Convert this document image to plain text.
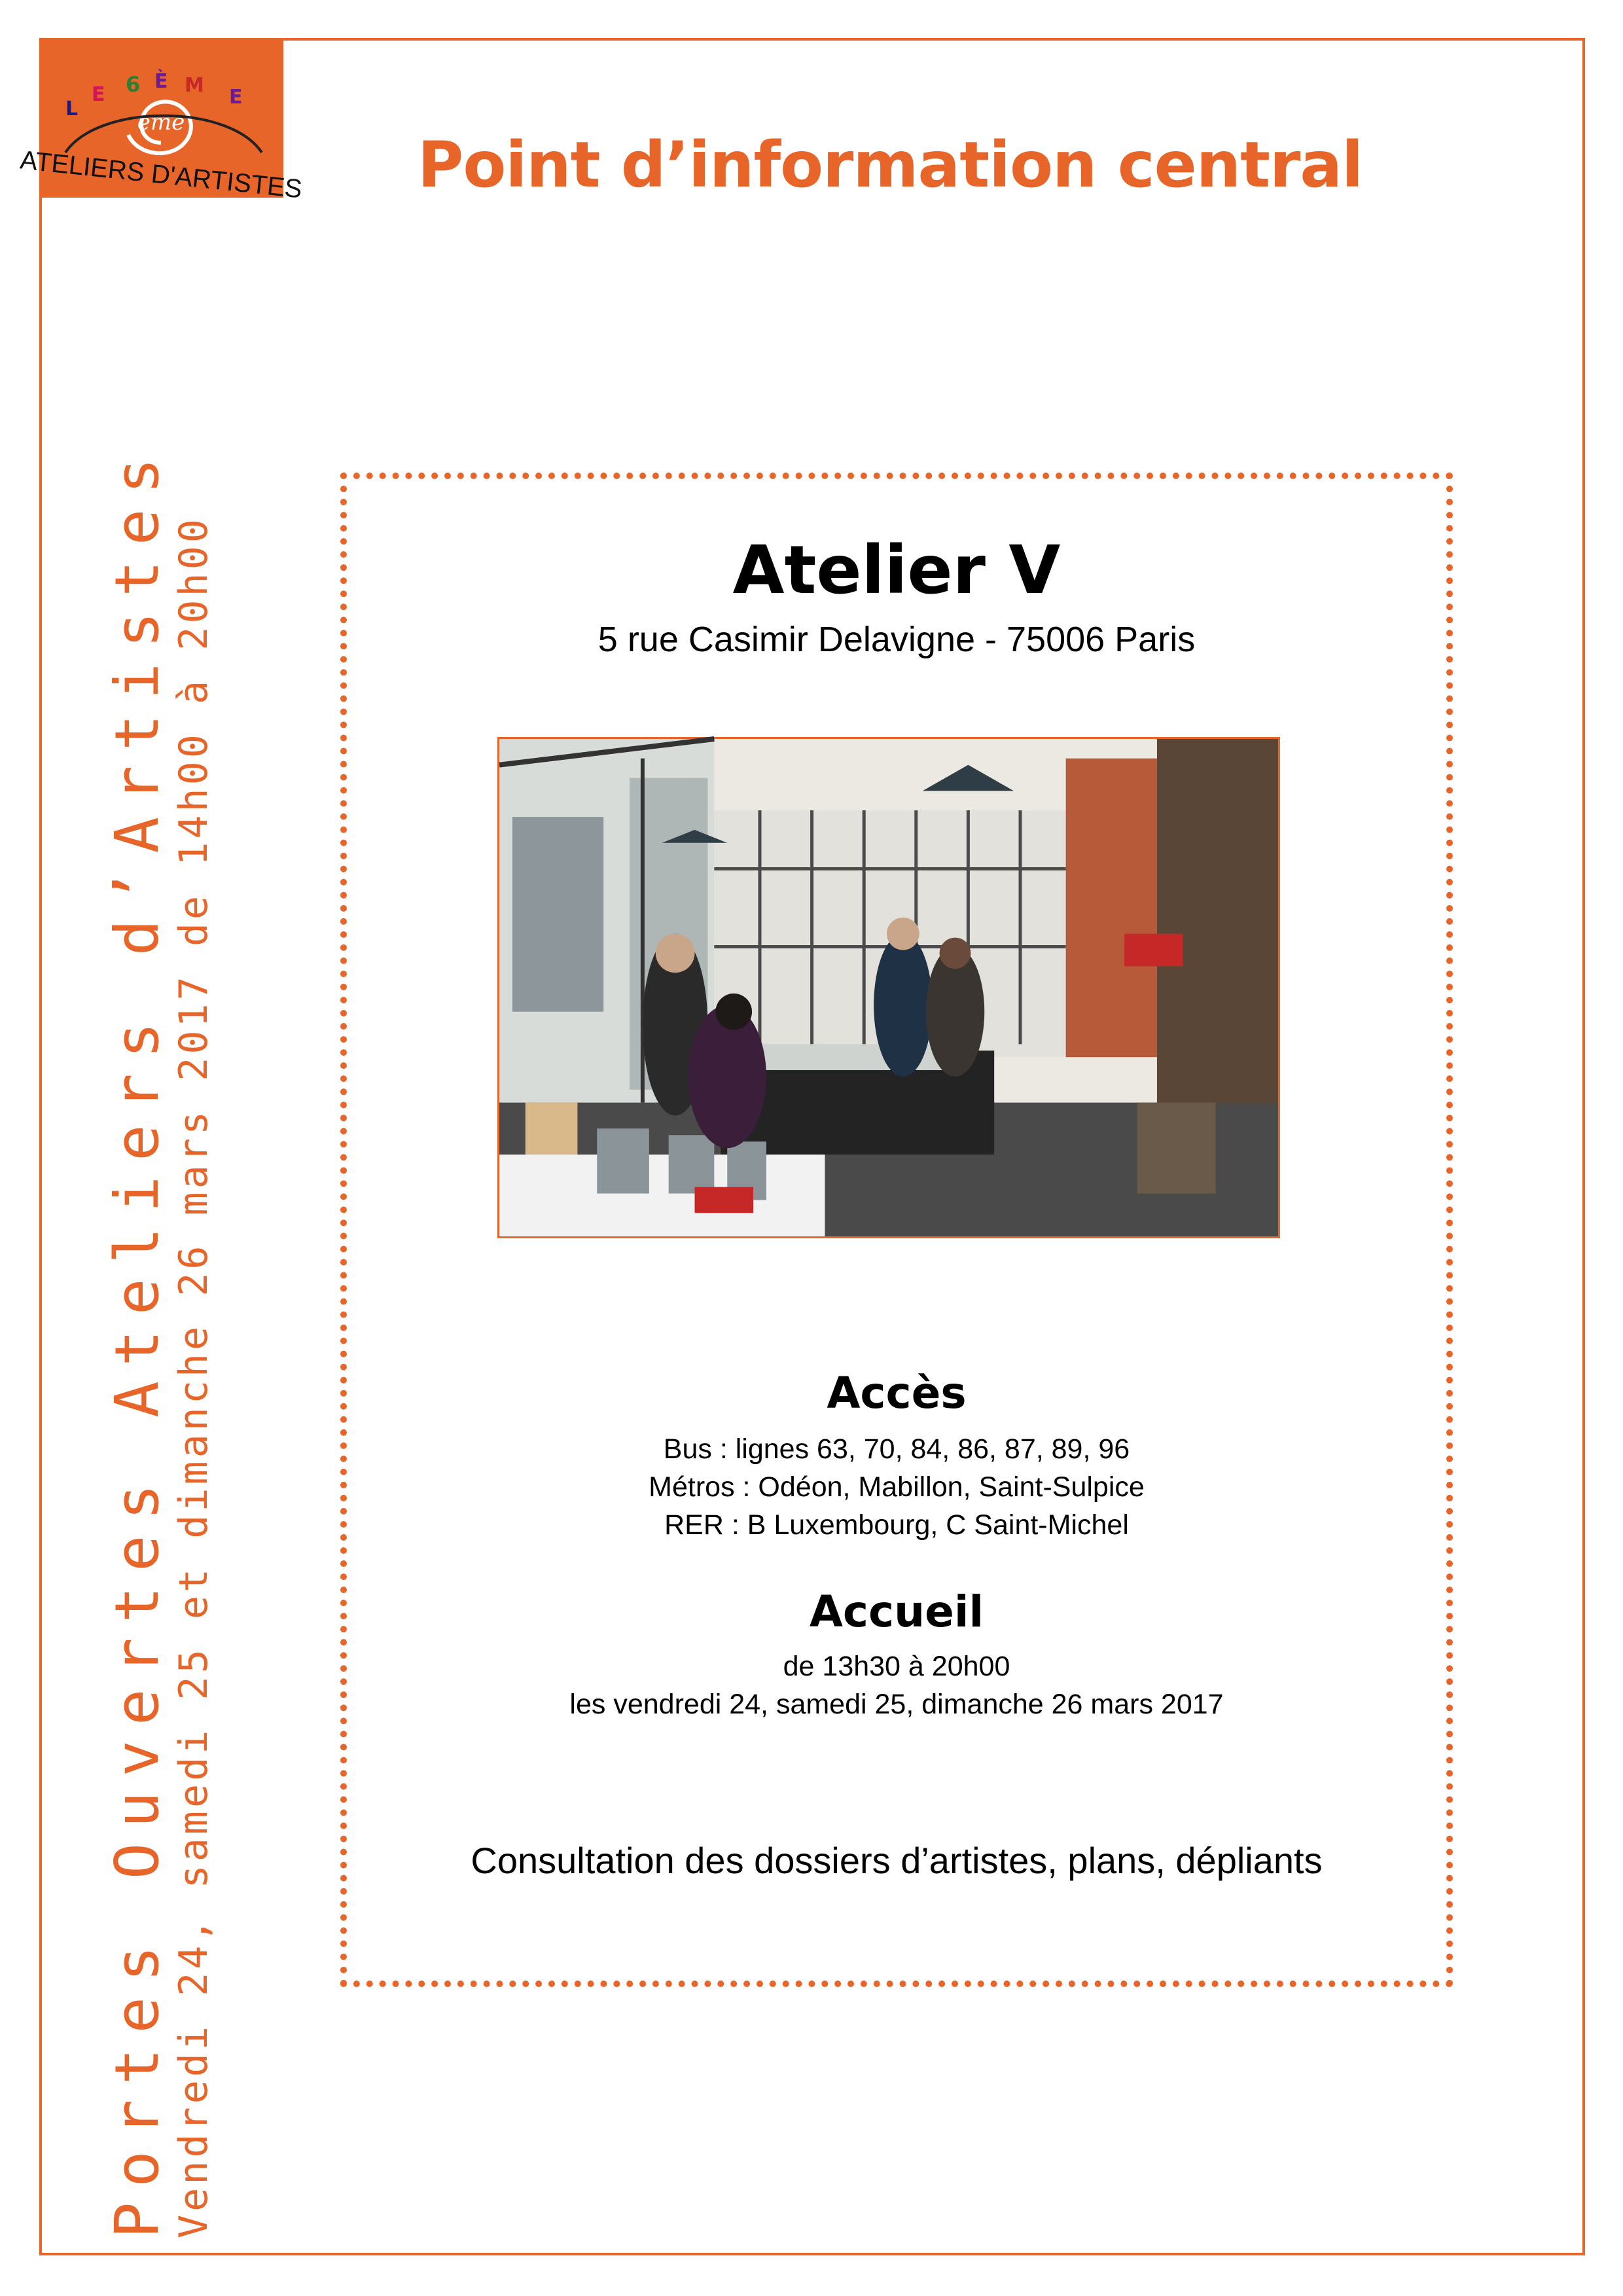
ème
L
E 6 È M
E
ATELIERS D'ARTISTES	Point d’information central
Portes Ouvertes Ateliers d’Artistes
Vendredi 24, samedi 25 et dimanche 26 mars 2017 de 14h00 à 20h00	Atelier V
5 rue Casimir Delavigne - 75006 Paris
Accès
Bus : lignes 63, 70, 84, 86, 87, 89, 96
Métros : Odéon, Mabillon, Saint-Sulpice
RER : B Luxembourg, C Saint-Michel
Accueil
de 13h30 à 20h00
les vendredi 24, samedi 25, dimanche 26 mars 2017
Consultation des dossiers d’artistes, plans, dépliants
